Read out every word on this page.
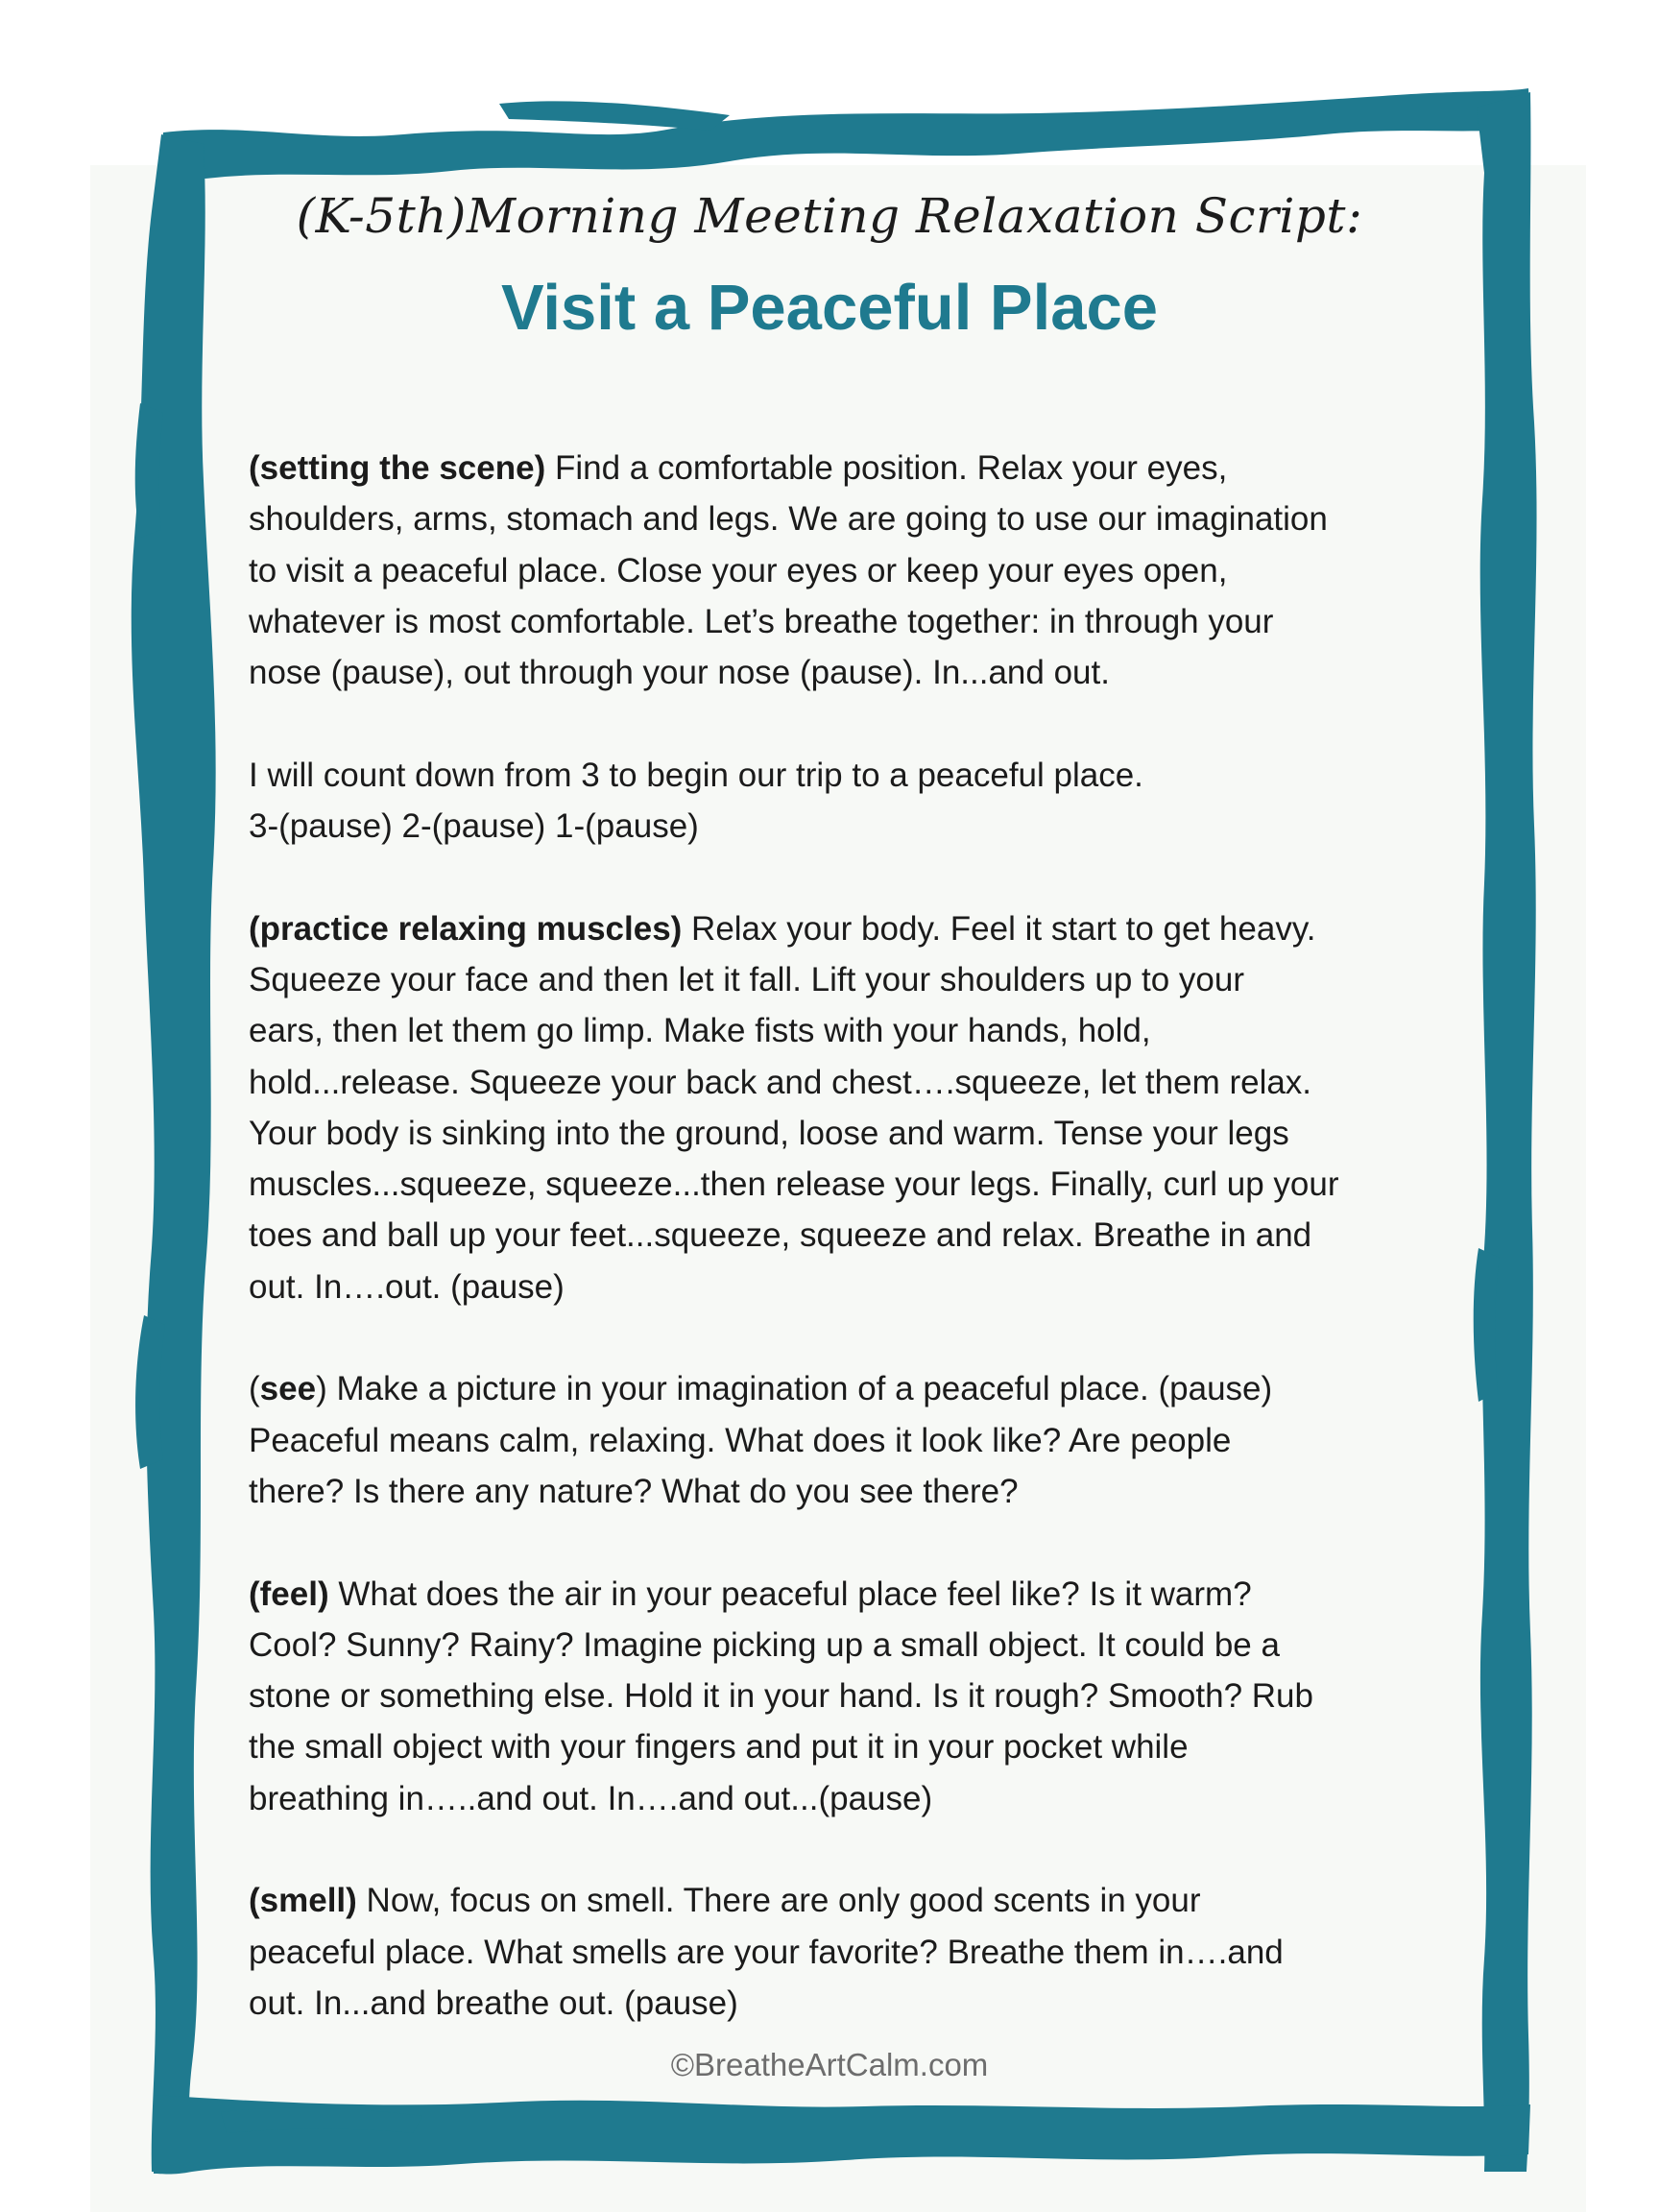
(K-5th)Morning Meeting Relaxation Script:
Visit a Peaceful Place
(setting the scene) Find a comfortable position. Relax your eyes,
shoulders, arms, stomach and legs. We are going to use our imagination
to visit a peaceful place. Close your eyes or keep your eyes open,
whatever is most comfortable. Let’s breathe together: in through your
nose (pause), out through your nose (pause). In...and out.
I will count down from 3 to begin our trip to a peaceful place.
3-(pause) 2-(pause) 1-(pause)
(practice relaxing muscles) Relax your body. Feel it start to get heavy.
Squeeze your face and then let it fall. Lift your shoulders up to your
ears, then let them go limp. Make fists with your hands, hold,
hold...release. Squeeze your back and chest….squeeze, let them relax.
Your body is sinking into the ground, loose and warm. Tense your legs
muscles...squeeze, squeeze...then release your legs. Finally, curl up your
toes and ball up your feet...squeeze, squeeze and relax. Breathe in and
out. In….out. (pause)
(see) Make a picture in your imagination of a peaceful place. (pause)
Peaceful means calm, relaxing. What does it look like? Are people
there? Is there any nature? What do you see there?
(feel) What does the air in your peaceful place feel like? Is it warm?
Cool? Sunny? Rainy? Imagine picking up a small object. It could be a
stone or something else. Hold it in your hand. Is it rough? Smooth? Rub
the small object with your fingers and put it in your pocket while
breathing in…..and out. In….and out...(pause)
(smell) Now, focus on smell. There are only good scents in your
peaceful place. What smells are your favorite? Breathe them in….and
out. In...and breathe out. (pause)
©BreatheArtCalm.com
